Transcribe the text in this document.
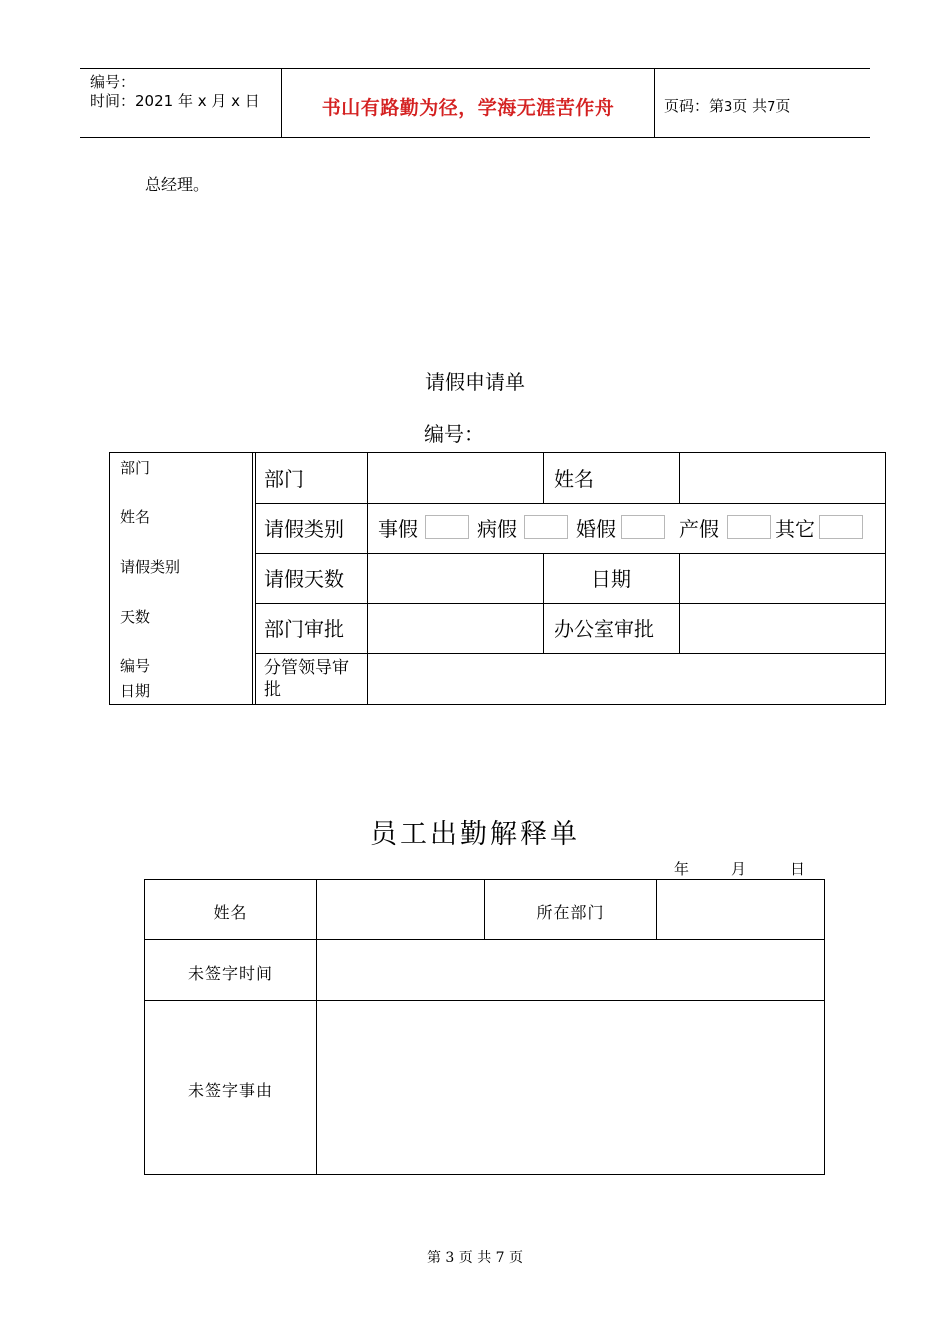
编号：
时间：2021 年 x 月 x 日	书山有路勤为径，学海无涯苦作舟	页码：第3页 共7页
总经理。
请假申请单
编号：
部门
姓名
请假类别
天数
编号
日期
部门	姓名
请假类别 事假	病假	婚假	产假	其它
请假天数	日期
部门审批	办公室审批
分管领导审批
员工出勤解释单
年	月	日
姓名	所在部门
未签字时间
未签字事由
第 3 页 共 7 页
